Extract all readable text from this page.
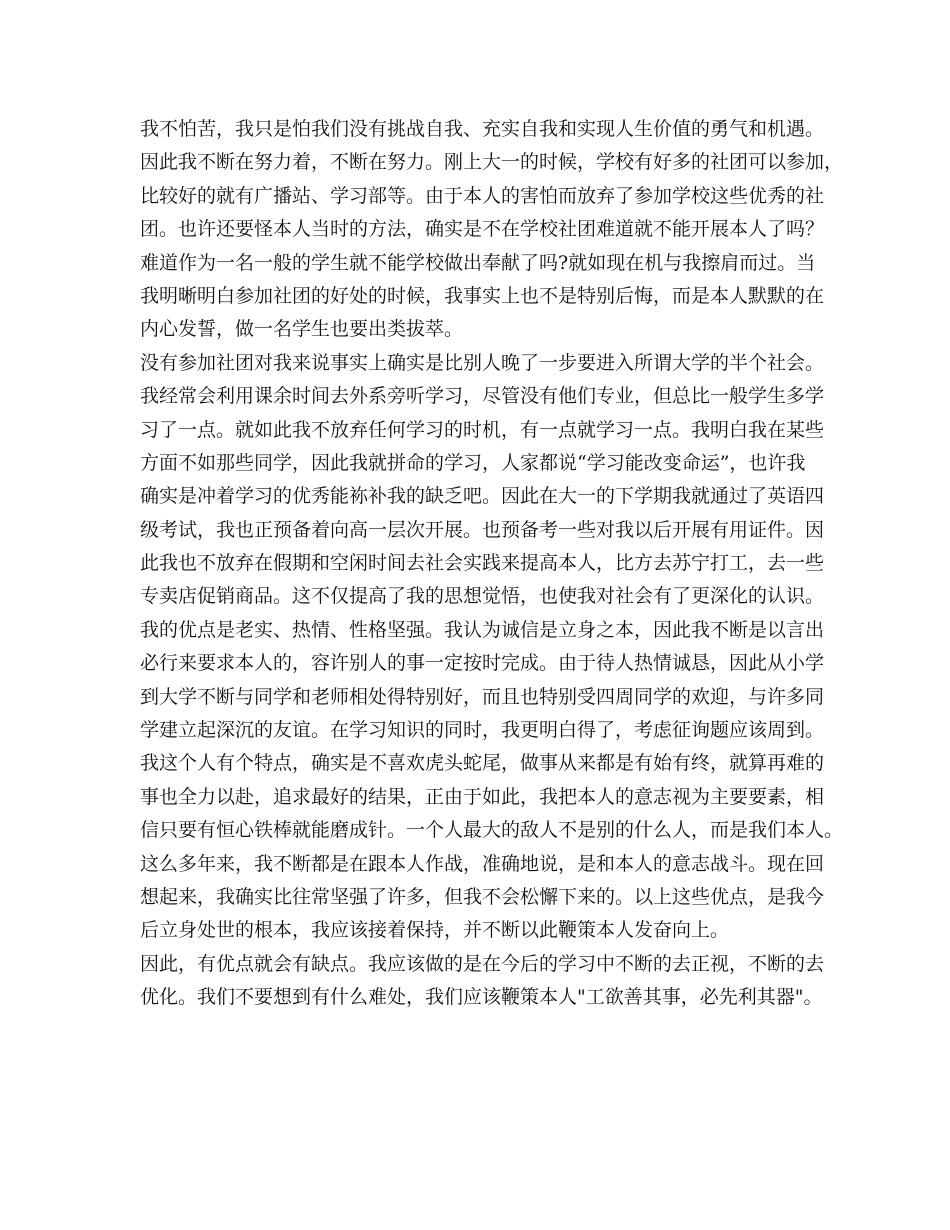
我不怕苦，我只是怕我们没有挑战自我、充实自我和实现人生价值的勇气和机遇。
因此我不断在努力着，不断在努力。刚上大一的时候，学校有好多的社团可以参加，
比较好的就有广播站、学习部等。由于本人的害怕而放弃了参加学校这些优秀的社
团。也许还要怪本人当时的方法，确实是不在学校社团难道就不能开展本人了吗？
难道作为一名一般的学生就不能学校做出奉献了吗?就如现在机与我擦肩而过。当
我明晰明白参加社团的好处的时候，我事实上也不是特别后悔，而是本人默默的在
内心发誓，做一名学生也要出类拔萃。
没有参加社团对我来说事实上确实是比别人晚了一步要进入所谓大学的半个社会。
我经常会利用课余时间去外系旁听学习，尽管没有他们专业，但总比一般学生多学
习了一点。就如此我不放弃任何学习的时机，有一点就学习一点。我明白我在某些
方面不如那些同学，因此我就拼命的学习，人家都说“学习能改变命运”，也许我
确实是冲着学习的优秀能袮补我的缺乏吧。因此在大一的下学期我就通过了英语四
级考试，我也正预备着向高一层次开展。也预备考一些对我以后开展有用证件。因
此我也不放弃在假期和空闲时间去社会实践来提高本人，比方去苏宁打工，去一些
专卖店促销商品。这不仅提高了我的思想觉悟，也使我对社会有了更深化的认识。
我的优点是老实、热情、性格坚强。我认为诚信是立身之本，因此我不断是以言出
必行来要求本人的，容许别人的事一定按时完成。由于待人热情诚恳，因此从小学
到大学不断与同学和老师相处得特别好，而且也特别受四周同学的欢迎，与许多同
学建立起深沉的友谊。在学习知识的同时，我更明白得了，考虑征询题应该周到。
我这个人有个特点，确实是不喜欢虎头蛇尾，做事从来都是有始有终，就算再难的
事也全力以赴，追求最好的结果，正由于如此，我把本人的意志视为主要要素，相
信只要有恒心铁棒就能磨成针。一个人最大的敌人不是别的什么人，而是我们本人。
这么多年来，我不断都是在跟本人作战，准确地说，是和本人的意志战斗。现在回
想起来，我确实比往常坚强了许多，但我不会松懈下来的。以上这些优点，是我今
后立身处世的根本，我应该接着保持，并不断以此鞭策本人发奋向上。
因此，有优点就会有缺点。我应该做的是在今后的学习中不断的去正视，不断的去
优化。我们不要想到有什么难处，我们应该鞭策本人"工欲善其事，必先利其器"。
